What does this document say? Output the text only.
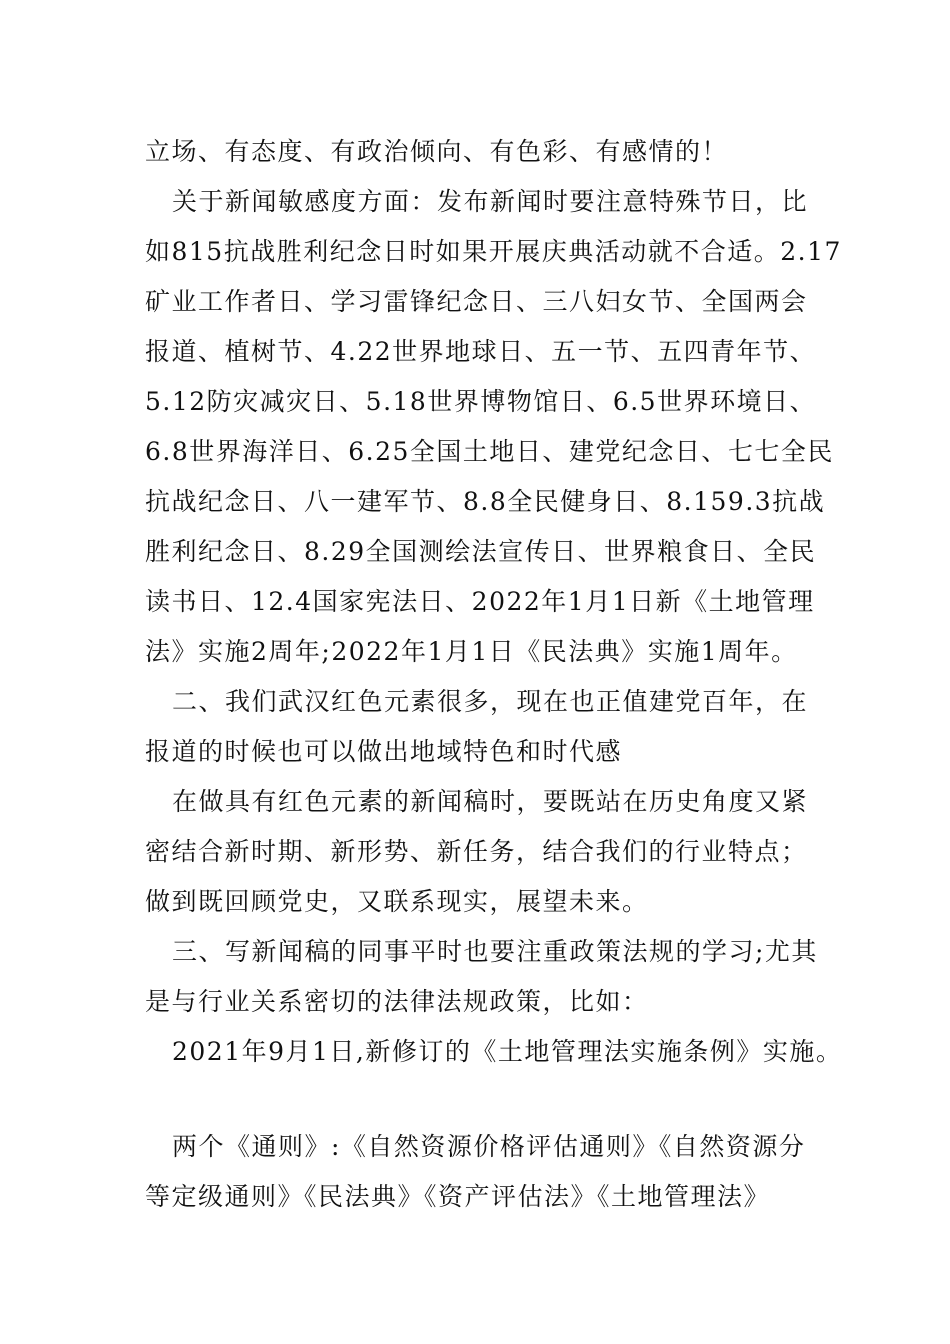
立场、有态度、有政治倾向、有色彩、有感情的！
关于新闻敏感度方面：发布新闻时要注意特殊节日，比
如815抗战胜利纪念日时如果开展庆典活动就不合适。2.17
矿业工作者日、学习雷锋纪念日、三八妇女节、全国两会
报道、植树节、4.22世界地球日、五一节、五四青年节、
5.12防灾减灾日、5.18世界博物馆日、6.5世界环境日、
6.8世界海洋日、6.25全国土地日、建党纪念日、七七全民
抗战纪念日、八一建军节、8.8全民健身日、8.159.3抗战
胜利纪念日、8.29全国测绘法宣传日、世界粮食日、全民
读书日、12.4国家宪法日、2022年1月1日新《土地管理
法》实施2周年;2022年1月1日《民法典》实施1周年。
二、我们武汉红色元素很多，现在也正值建党百年，在
报道的时候也可以做出地域特色和时代感
在做具有红色元素的新闻稿时，要既站在历史角度又紧
密结合新时期、新形势、新任务，结合我们的行业特点；
做到既回顾党史，又联系现实，展望未来。
三、写新闻稿的同事平时也要注重政策法规的学习;尤其
是与行业关系密切的法律法规政策，比如：
2021年9月1日,新修订的《土地管理法实施条例》实施。
两个《通则》:《自然资源价格评估通则》《自然资源分
等定级通则》《民法典》《资产评估法》《土地管理法》
